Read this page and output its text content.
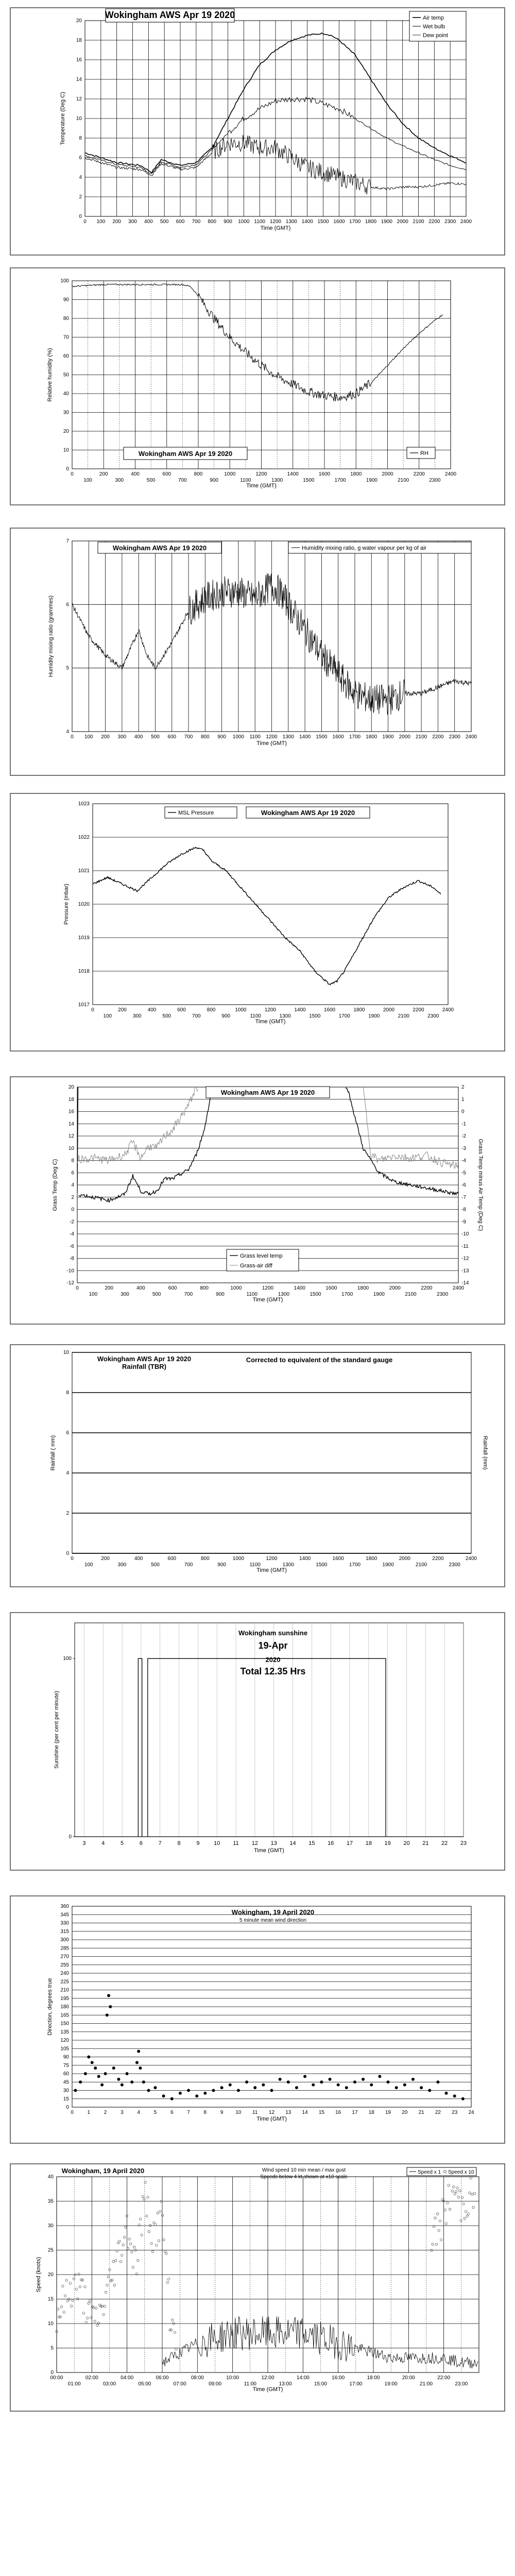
0
2
4
6
8
10
12
14
16
18
20
0 100 200 300 400 500 600 700 800 900 1000 1100 1200 1300 1400 1500 1600 1700 1800 1900 2000 2100 2200 2300 2400
Time (GMT)
Temperature (Deg C)
Wokingham AWS Apr 19 2020	Air temp
Wet bulb
Dew point
0
10
20
30
40
50
60
70
80
90
100
0	200	400	600	800	1000	1200	1400	1600	1800	2000	2200	2400
100	300	500	700	900	1100	1300	1500	1700	1900	2100	2300
Time (GMT)
Relative humidity (%)
Wokingham AWS Apr 19 2020	RH
4
5
6
7
0 100 200 300 400 500 600 700 800 900 1000 1100 1200 1300 1400 1500 1600 1700 1800 1900 2000 2100 2200 2300 2400
Time (GMT)
Humidity mixing ratio (grammes)
Wokingham AWS Apr 19 2020	Humidity mixing ratio, g water vapour per kg of air
1017
1018
1019
1020
1021
1022
1023
0	200	400	600	800	1000	1200	1400	1600	1800	2000	2200	2400
100	300	500	700	900	1100	1300	1500	1700	1900	2100	2300
Time (GMT)
Pressure (mbar)
MSL Pressure	Wokingham AWS Apr 19 2020
-12
-10
-8
-6
-4
-2
0
2
4
6
8
10
12
14
16
18
20
-14
-13
-12
-11
-10
-9
-8
-7
-6
-5
-4
-3
-2
-1
0
1
2
0	200	400	600	800	1000	1200	1400	1600	1800	2000	2200	2400
100	300	500	700	900	1100	1300	1500	1700	1900	2100	2300
Time (GMT)
Grass Temp (Deg C)	Grass Temp minus Air Temp (Deg C)
Grass level temp
Grass-air diff
Wokingham AWS Apr 19 2020
0
2
4
6
8
10
0	200	400	600	800	1000	1200	1400	1600	1800	2000	2200	2400
100	300	500	700	900	1100	1300	1500	1700	1900	2100	2300
Time (GMT)
Rainfall ( mm)	Rainfall (mm)
Wokingham AWS Apr 19 2020
Rainfall (TBR)
Corrected to equivalent of the standard gauge
3	4	5	6	7	8	9	10 11 12 13 14 15 16 17 18 19 20 21 22 23
0
100
Time (GMT)
Sunshine (per cent per minute)
Wokingham sunshine
19-Apr
2020
Total 12.35 Hrs
0
15
30
45
60
75
90
105
120
135
150
165
180
195
210
225
240
255
270
285
300
315
330
345
360
0	1	2	3	4	5	6	7	8	9 10 11 12 13 14 15 16 17 18 19 20 21 22 23 24
Time (GMT)
Direction, degrees true
Wokingham, 19 April 2020
5 minute mean wind direction
0
5
10
15
20
25
30
35
40
00:00	02:00	04:00	06:00	08:00	10:00	12:00	14:00	16:00	18:00	20:00	22:00
01:00	03:00	05:00	07:00	09:00	11:00	13:00	15:00	17:00	19:00	21:00	23:00
Time (GMT)
Speed (knots)
Wokingham, 19 April 2020	Wind speed 10 min mean / max gust
Speeds below 4 kt shown at x10 scale
Speed x 1 Speed x 10
